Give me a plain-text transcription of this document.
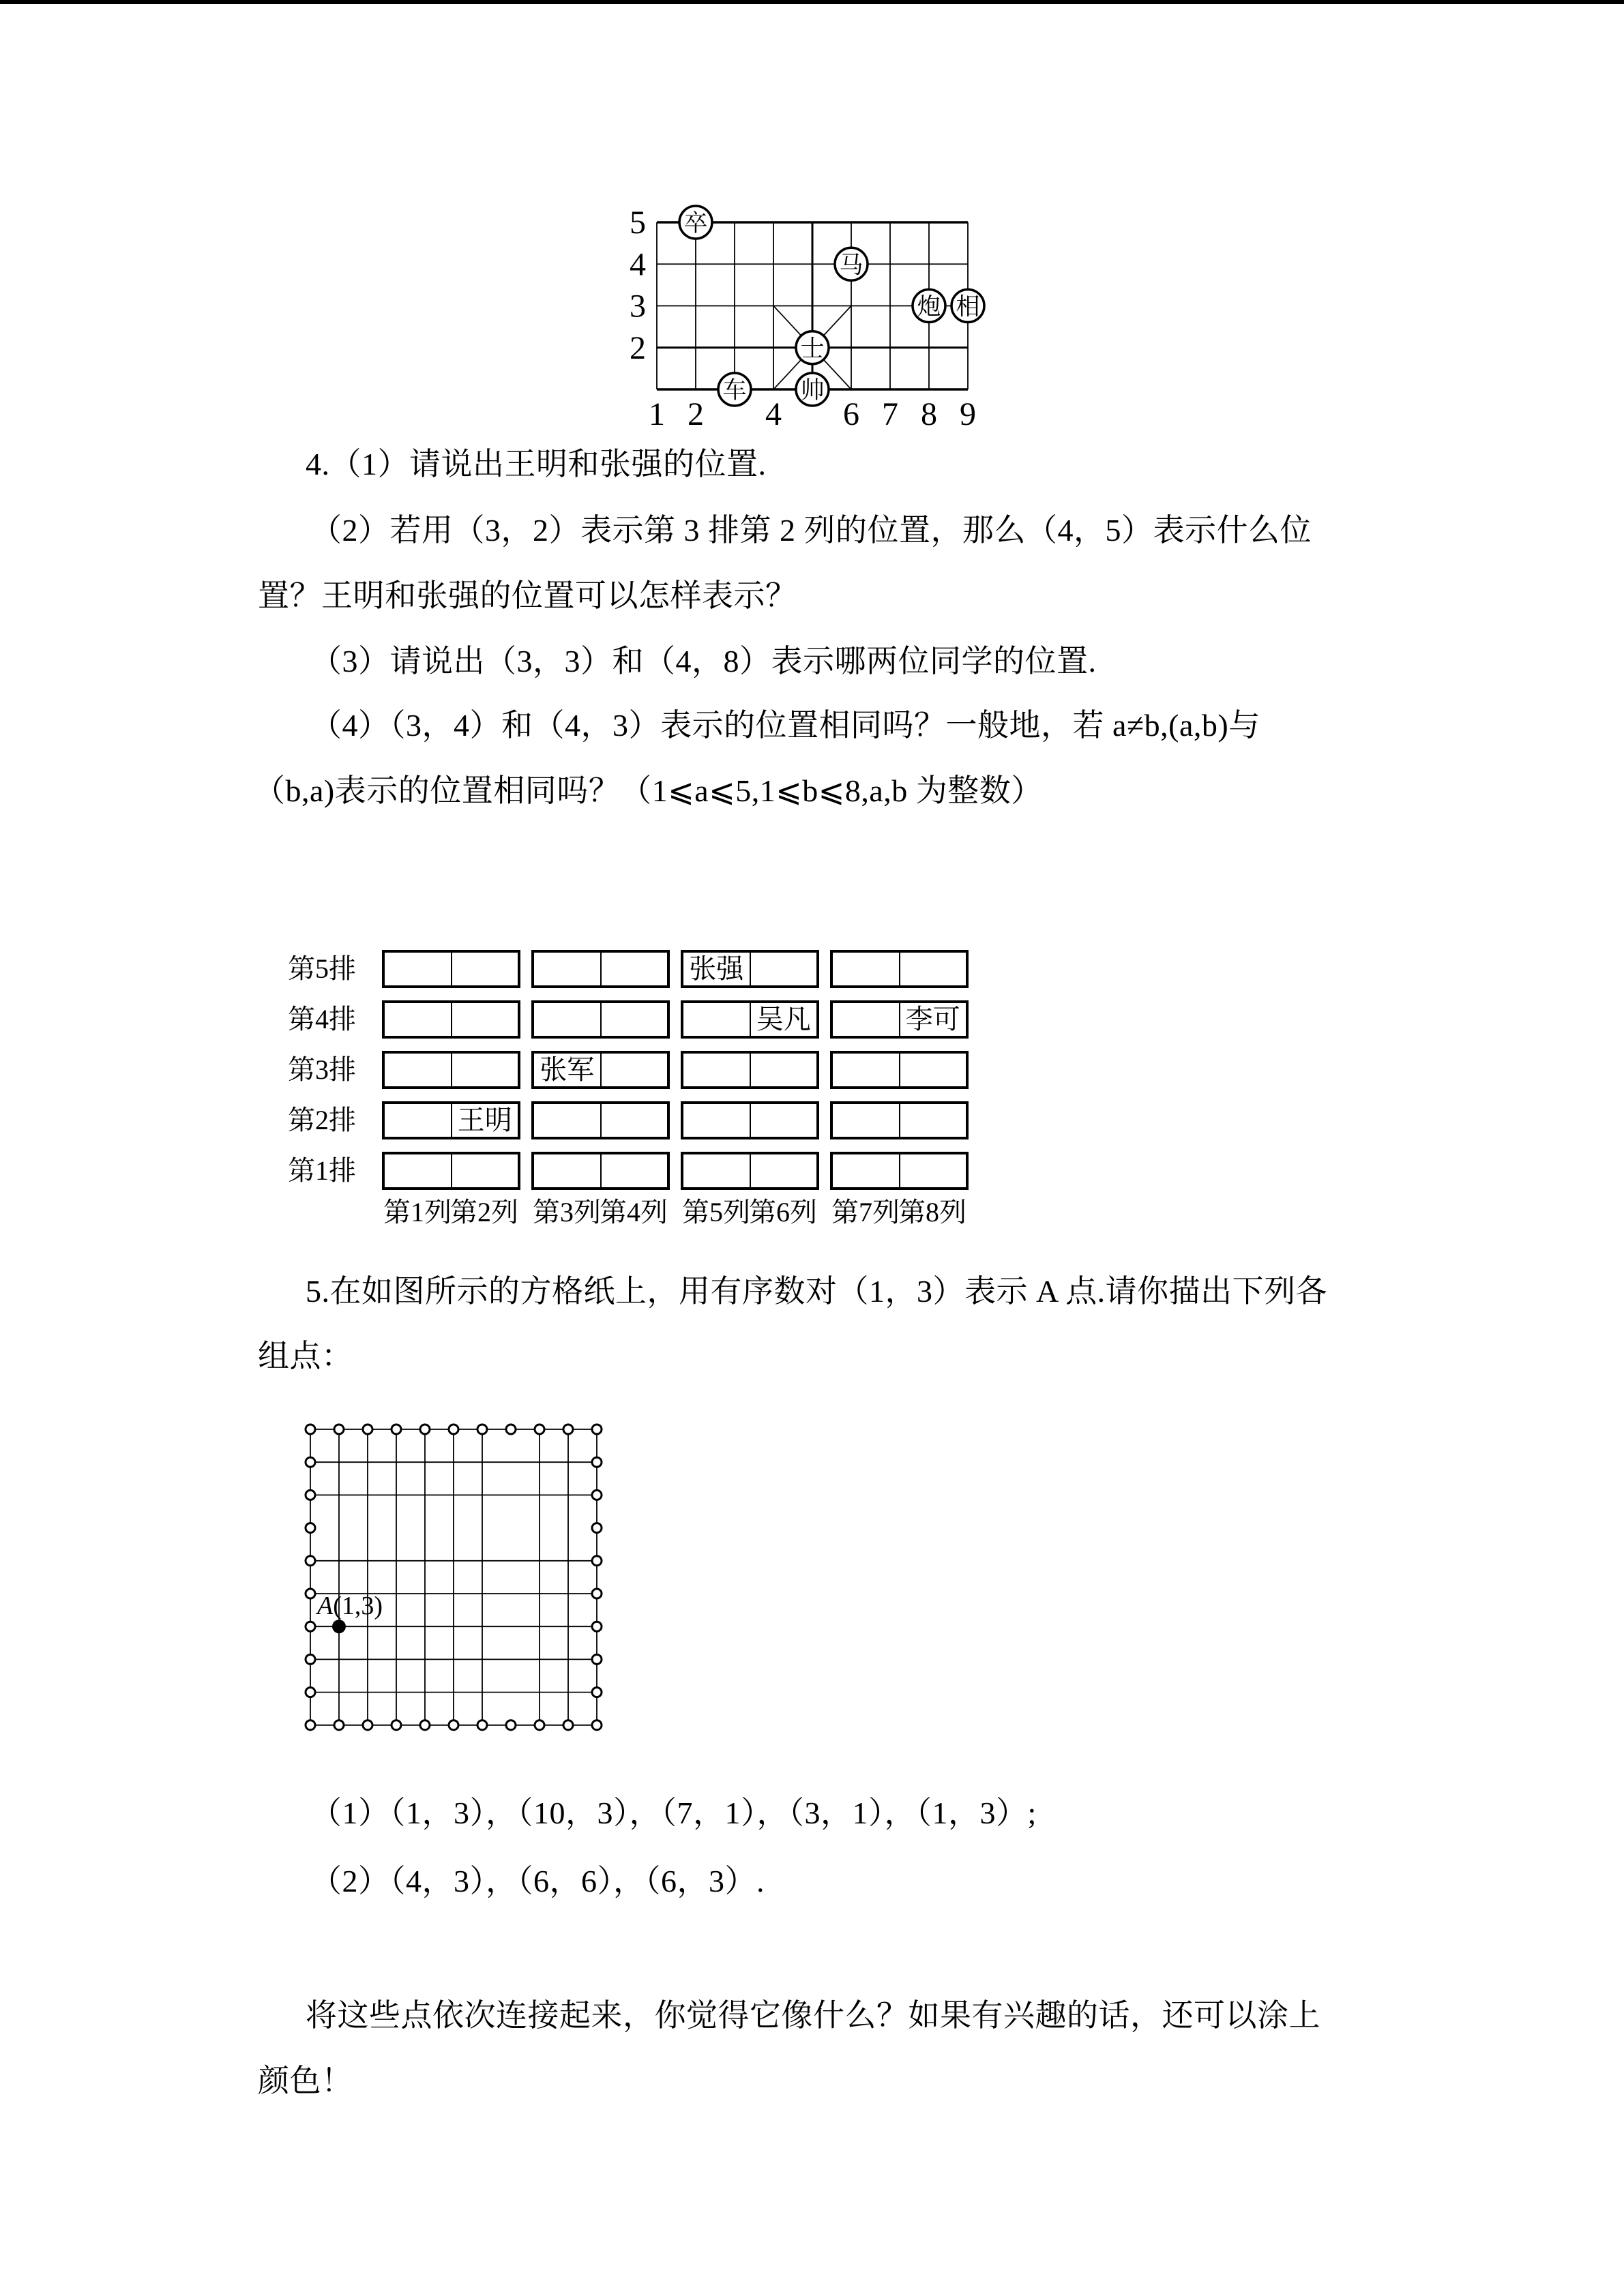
5
4
3
2
1 2 4 6 7 8 9
卒
马
炮 相
士
帅
车
4.（1）请说出王明和张强的位置.
（2）若用（3，2）表示第 3 排第 2 列的位置，那么（4，5）表示什么位
置？王明和张强的位置可以怎样表示？
（3）请说出（3，3）和（4，8）表示哪两位同学的位置.
（4）（3，4）和（4，3）表示的位置相同吗？一般地，若 a≠b,(a,b)与
（b,a)表示的位置相同吗？（1⩽a⩽5,1⩽b⩽8,a,b 为整数）
第5排
第4排
第3排
第2排
第1排
张强
吴凡	李可
张军
王明
第1列
第2列 第3列
第4列 第5列
第6列 第7列
第8列
5.在如图所示的方格纸上，用有序数对（1，3）表示 A 点.请你描出下列各
组点：
A(1,3)
（1）（1，3），（10，3），（7，1），（3，1），（1，3）;
（2）（4，3），（6，6），（6，3）.
将这些点依次连接起来，你觉得它像什么？如果有兴趣的话，还可以涂上
颜色！
